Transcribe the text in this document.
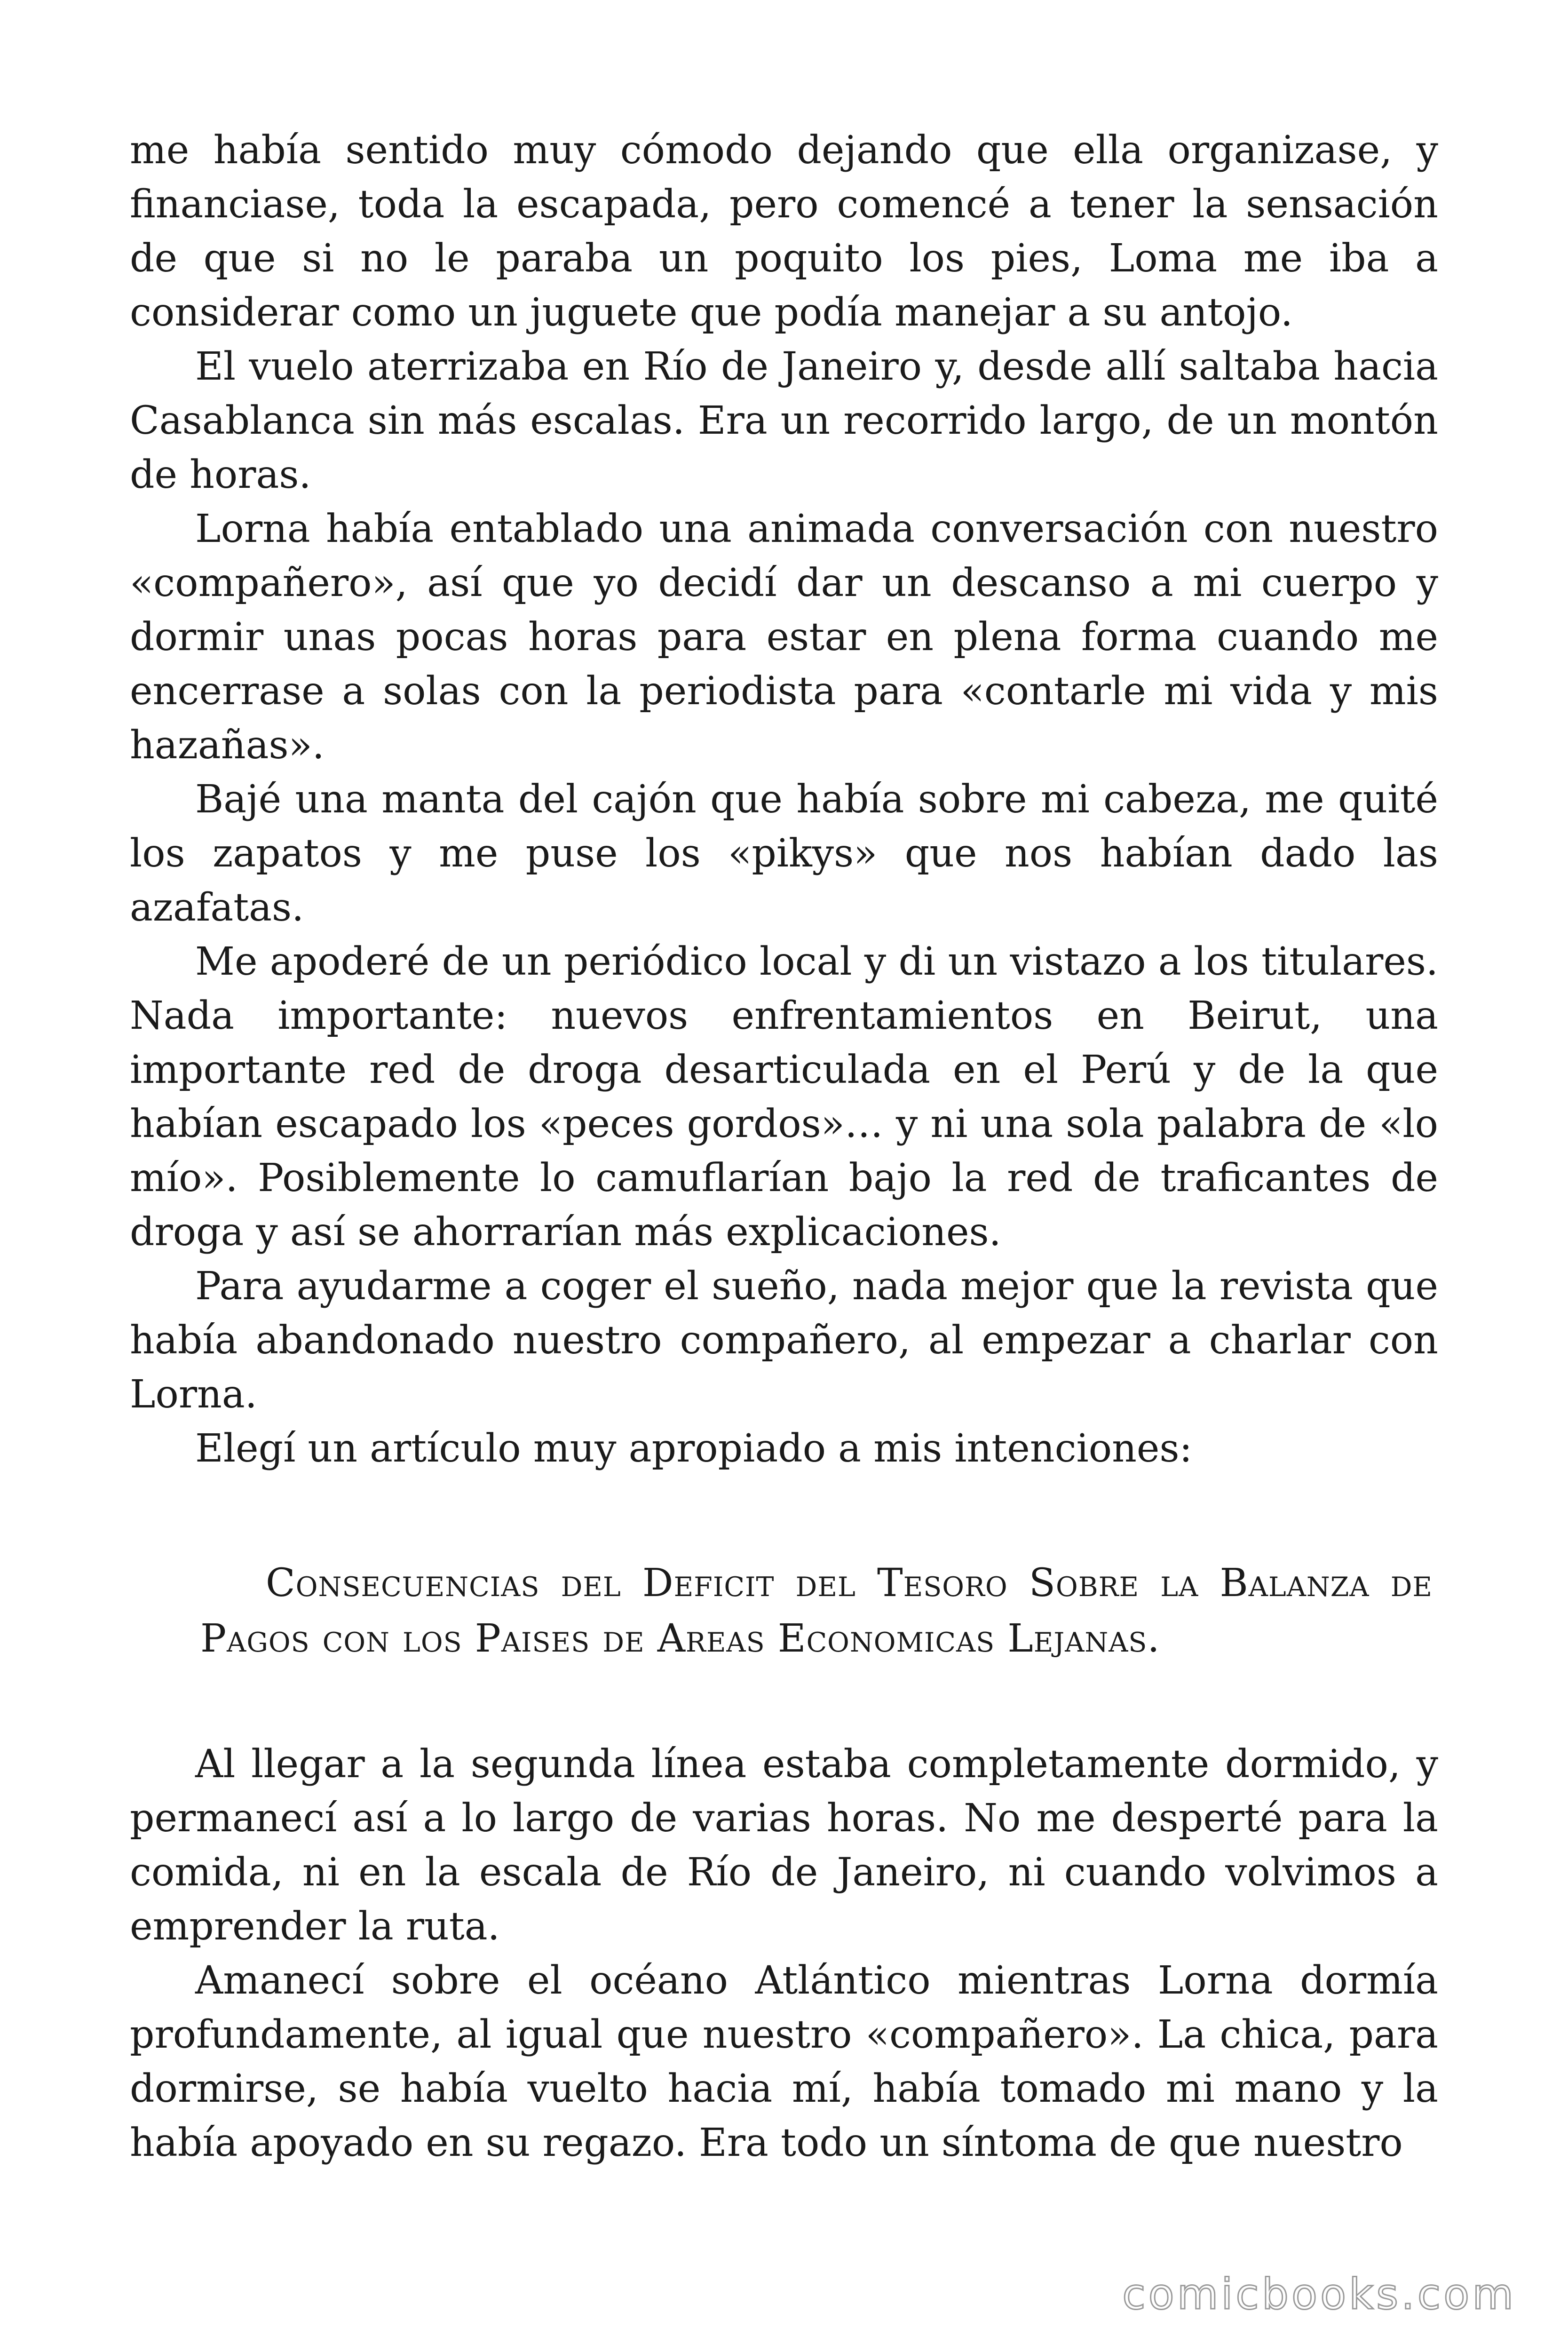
me había sentido muy cómodo dejando que ella organizase, y financiase, toda la escapada, pero comencé a tener la sensación de que si no le paraba un poquito los pies, Loma me iba a considerar como un juguete que podía manejar a su antojo.

El vuelo aterrizaba en Río de Janeiro y, desde allí saltaba hacia Casablanca sin más escalas. Era un recorrido largo, de un montón de horas.

Lorna había entablado una animada conversación con nuestro «compañero», así que yo decidí dar un descanso a mi cuerpo y dormir unas pocas horas para estar en plena forma cuando me encerrase a solas con la periodista para «contarle mi vida y mis hazañas».

Bajé una manta del cajón que había sobre mi cabeza, me quité los zapatos y me puse los «pikys» que nos habían dado las azafatas.

Me apoderé de un periódico local y di un vistazo a los titulares. Nada importante: nuevos enfrentamientos en Beirut, una importante red de droga desarticulada en el Perú y de la que habían escapado los «peces gordos»… y ni una sola palabra de «lo mío». Posiblemente lo camuflarían bajo la red de traficantes de droga y así se ahorrarían más explicaciones.

Para ayudarme a coger el sueño, nada mejor que la revista que había abandonado nuestro compañero, al empezar a charlar con Lorna.

Elegí un artículo muy apropiado a mis intenciones:

Consecuencias del Deficit del Tesoro Sobre la Balanza de Pagos con los Paises de Areas Economicas Lejanas.

Al llegar a la segunda línea estaba completamente dormido, y permanecí así a lo largo de varias horas. No me desperté para la comida, ni en la escala de Río de Janeiro, ni cuando volvimos a emprender la ruta.

Amanecí sobre el océano Atlántico mientras Lorna dormía profundamente, al igual que nuestro «compañero». La chica, para dormirse, se había vuelto hacia mí, había tomado mi mano y la había apoyado en su regazo. Era todo un síntoma de que nuestro

comicbooks.com
